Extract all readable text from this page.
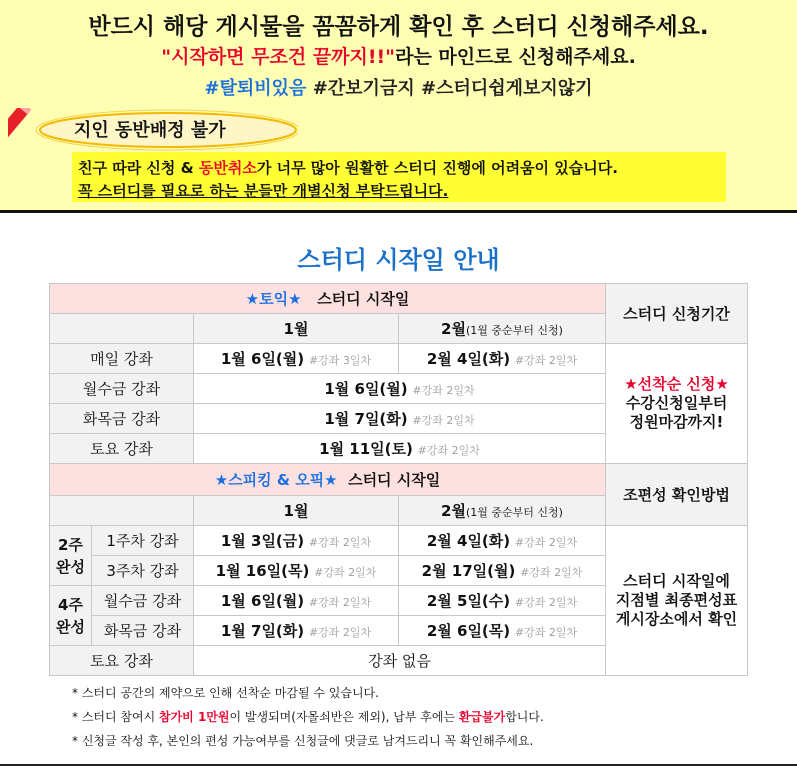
반드시 해당 게시물을 꼼꼼하게 확인 후 스터디 신청해주세요.
"시작하면 무조건 끝까지!!"라는 마인드로 신청해주세요.
#탈퇴비있음 #간보기금지 #스터디쉽게보지않기
지인 동반배정 불가

친구 따라 신청 & 동반취소가 너무 많아 원활한 스터디 진행에 어려움이 있습니다.

꼭 스터디를 필요로 하는 분들만 개별신청 부탁드립니다.

스터디 시작일 안내
★토익★ 스터디 시작일				스터디 신청기간
		1월	2월(1월 중순부터 신청)	
매일 강좌		1월 6일(월) #강좌 3일차	2월 4일(화) #강좌 2일차	★선착순 신청★
수강신청일부터
정원마감까지!

월수금 강좌		1월 6일(월) #강좌 2일차		
화목금 강좌		1월 7일(화) #강좌 2일차		
토요 강좌		1월 11일(토) #강좌 2일차		
★스피킹 & 오픽★ 스터디 시작일				조편성 확인방법
		1월	2월(1월 중순부터 신청)	
2주 완성	1주차 강좌	1월 3일(금) #강좌 2일차	2월 4일(화) #강좌 2일차	스터디 시작일에
지점별 최종편성표
게시장소에서 확인

	3주차 강좌	1월 16일(목) #강좌 2일차	2월 17일(월) #강좌 2일차	
4주 완성	월수금 강좌	1월 6일(월) #강좌 2일차	2월 5일(수) #강좌 2일차	
	화목금 강좌	1월 7일(화) #강좌 2일차	2월 6일(목) #강좌 2일차	
토요 강좌		강좌 없음		

* 스터디 공간의 제약으로 인해 선착순 마감될 수 있습니다.

* 스터디 참여시 참가비 1만원이 발생되며(자몰쇠반은 제외), 납부 후에는 환급불가합니다.

* 신청글 작성 후, 본인의 편성 가능여부를 신청글에 댓글로 남겨드리니 꼭 확인해주세요.
